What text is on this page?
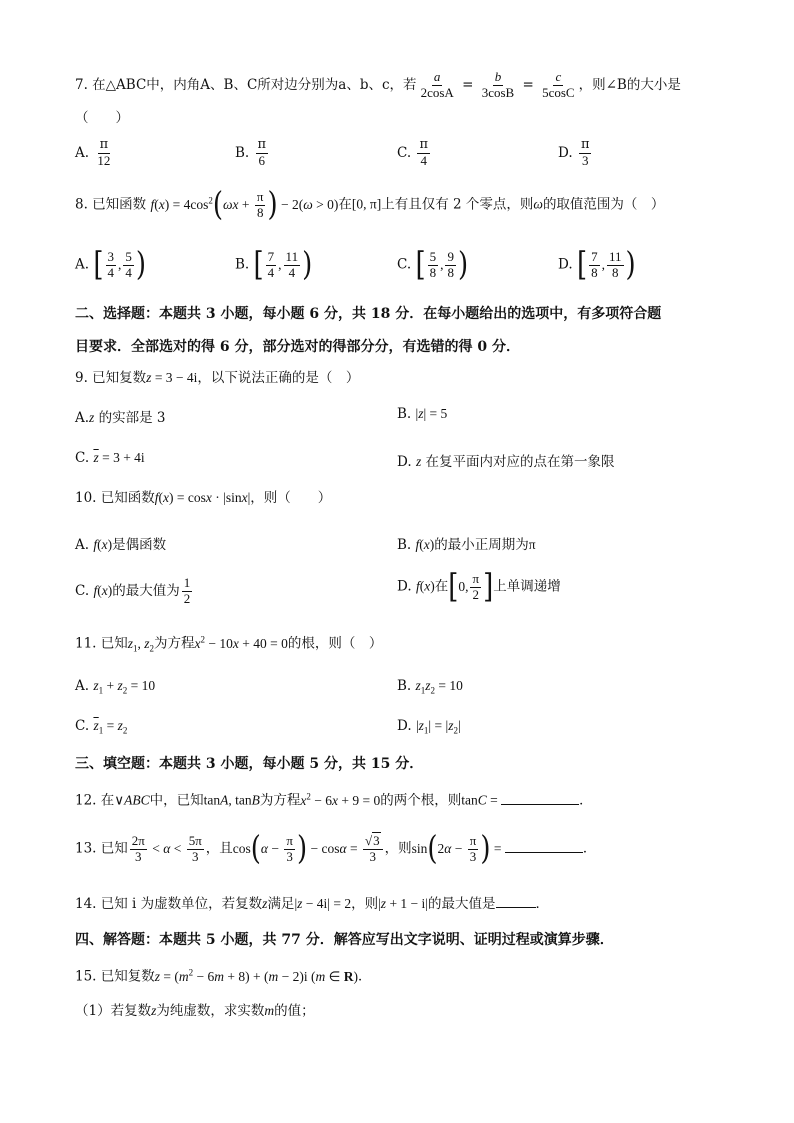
7. 在△ABC中，内角A、B、C所对边分别为a、b、c，若 $\frac{a}{2\cos A} = \frac{b}{3\cos B} = \frac{c}{5\cos C}$ ，则∠B的大小是
（　　）
A. $\frac{\pi}{12}$	B. $\frac{\pi}{6}$	C. $\frac{\pi}{4}$	D. $\frac{\pi}{3}$
8. 已知函数 $f(x) = 4\cos^2(\omega x + \frac{\pi}{8}$ ) − 2(ω > 0)在[0, π]上有且仅有 2 个零点，则ω的取值范围为（　）
A. [ $\frac{3}{4}$ , $\frac{5}{4}$ )	B. [ $\frac{7}{4}$ , $\frac{11}{4}$ )	C. [ $\frac{5}{8}$ , $\frac{9}{8}$ )	D. [ $\frac{7}{8}$ , $\frac{11}{8}$ )
二、选择题：本题共 3 小题，每小题 6 分，共 18 分．在每小题给出的选项中，有多项符合题
目要求．全部选对的得 6 分，部分选对的得部分分，有选错的得 0 分．
9. 已知复数z = 3 − 4i，以下说法正确的是（　）
A.z 的实部是 3	B. |z| = 5
C. $\overline{z} = 3 + 4i$	D. z 在复平面内对应的点在第一象限
10. 已知函数f(x) = cosx · |sinx|，则（　　）
A. f(x)是偶函数	B. f(x)的最小正周期为π
C. f(x)的最大值为 $\frac{1}{2}$	D. f(x)在[0, $\frac{\pi}{2}$ ]上单调递增
11. 已知$z_1$, $z_2$为方程$x^2 - 10x + 40 = 0$的根，则（　）
A. $z_1 + z_2 = 10$	B. $z_1z_2 = 10$
C. $\overline{z}_1 = z_2$	D. $|z_1| = |z_2|$
三、填空题：本题共 3 小题，每小题 5 分，共 15 分．
12. 在∨ABC中，已知tanA, tanB为方程$x^2 - 6x + 9 = 0$的两个根，则tanC =	．
13. 已知 $\frac{2\pi}{3} < \alpha < \frac{5\pi}{3}$ ，且$\cos(\alpha - \frac{\pi}{3}$ ) − $\cos\alpha = \frac{√3}{3}$ ，则$\sin(2\alpha - \frac{\pi}{3}$ ) =	．
14. 已知 i 为虚数单位，若复数z满足|z − 4i| = 2，则|z + 1 − i|的最大值是	．
四、解答题：本题共 5 小题，共 77 分．解答应写出文字说明、证明过程或演算步骤．
15. 已知复数$z = (m^2 - 6m + 8) + (m - 2)i$ (m ∈ R)．
（1）若复数z为纯虚数，求实数m的值；
